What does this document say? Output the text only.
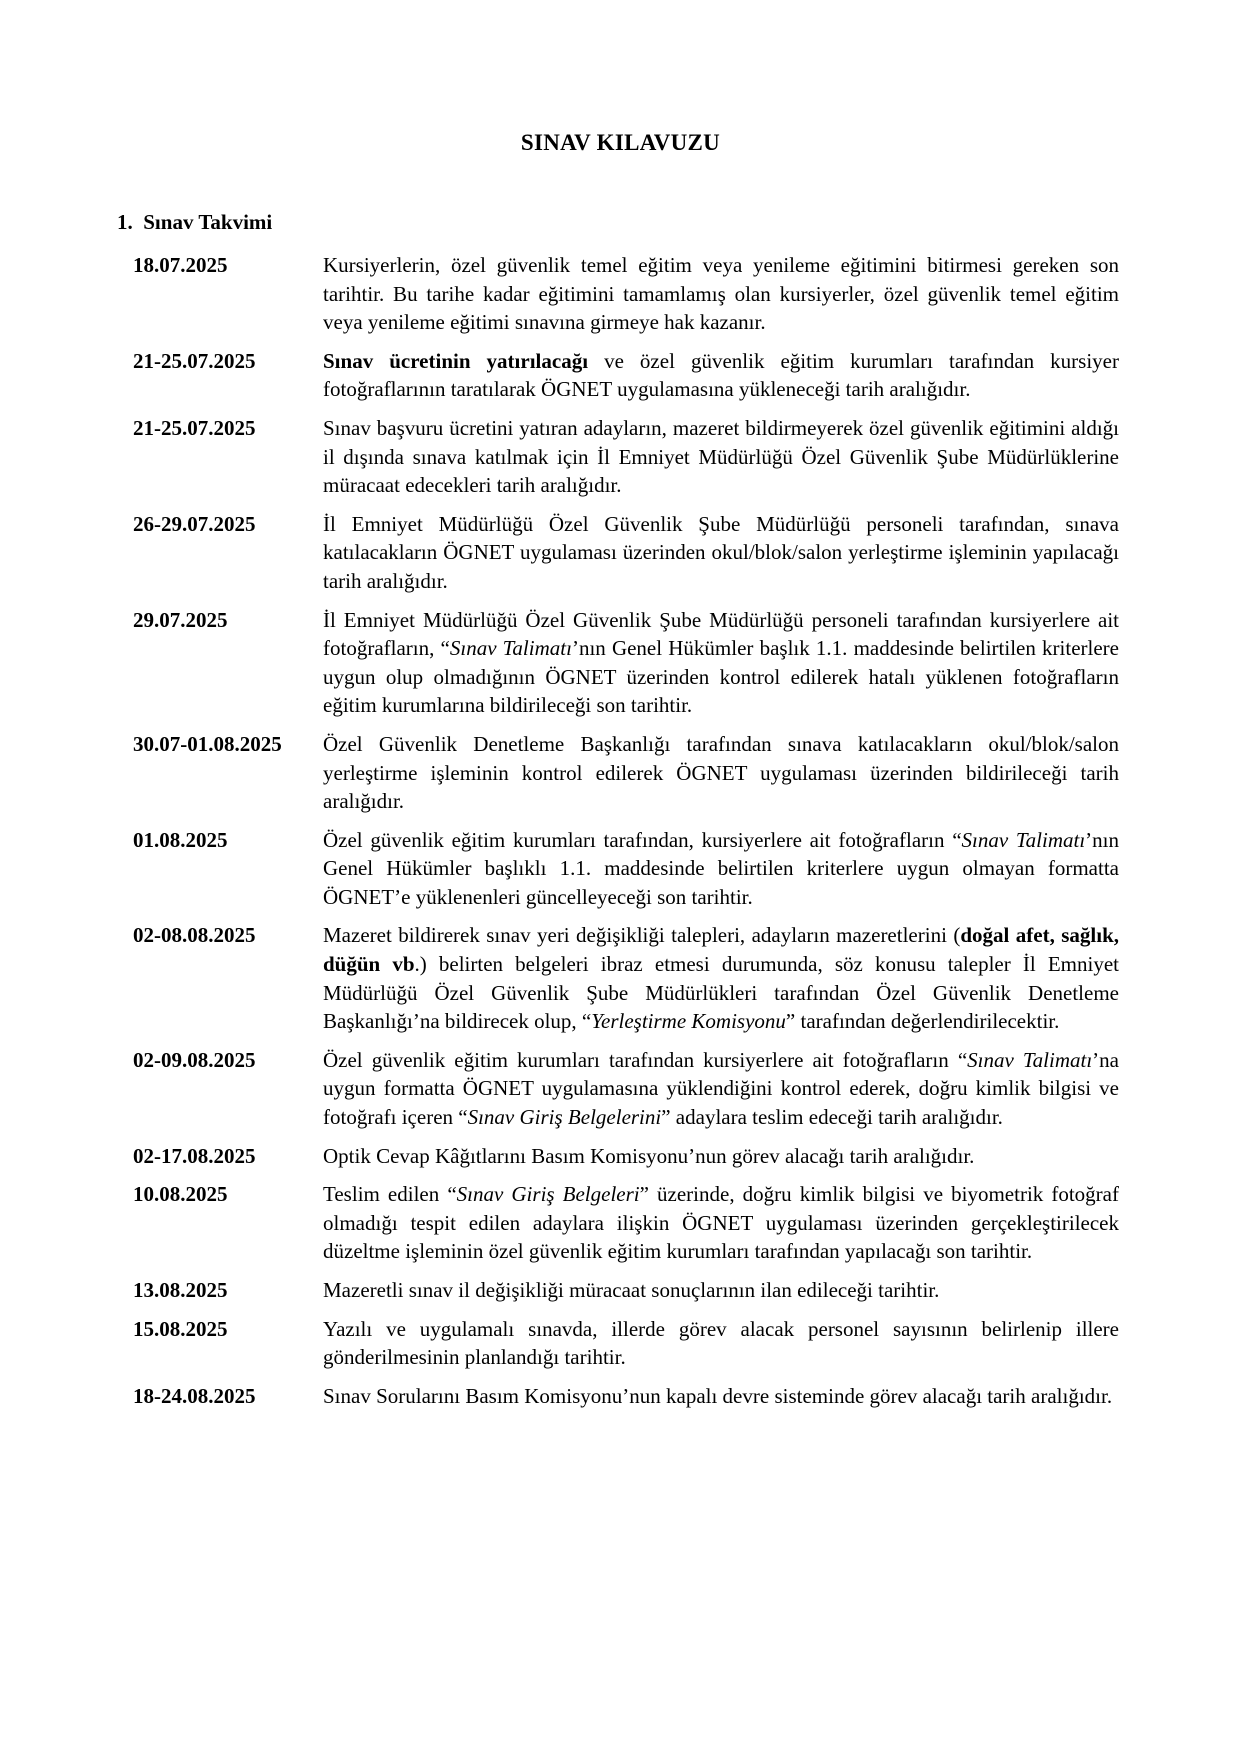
SINAV KILAVUZU
1. Sınav Takvimi
18.07.2025	Kursiyerlerin, özel güvenlik temel eğitim veya yenileme eğitimini bitirmesi gereken son tarihtir. Bu tarihe kadar eğitimini tamamlamış olan kursiyerler, özel güvenlik temel eğitim veya yenileme eğitimi sınavına girmeye hak kazanır.
21-25.07.2025	Sınav ücretinin yatırılacağı ve özel güvenlik eğitim kurumları tarafından kursiyer fotoğraflarının taratılarak ÖGNET uygulamasına yükleneceği tarih aralığıdır.
21-25.07.2025	Sınav başvuru ücretini yatıran adayların, mazeret bildirmeyerek özel güvenlik eğitimini aldığı il dışında sınava katılmak için İl Emniyet Müdürlüğü Özel Güvenlik Şube Müdürlüklerine müracaat edecekleri tarih aralığıdır.
26-29.07.2025	İl Emniyet Müdürlüğü Özel Güvenlik Şube Müdürlüğü personeli tarafından, sınava katılacakların ÖGNET uygulaması üzerinden okul/blok/salon yerleştirme işleminin yapılacağı tarih aralığıdır.
29.07.2025	İl Emniyet Müdürlüğü Özel Güvenlik Şube Müdürlüğü personeli tarafından kursiyerlere ait fotoğrafların, “Sınav Talimatı’nın Genel Hükümler başlık 1.1. maddesinde belirtilen kriterlere uygun olup olmadığının ÖGNET üzerinden kontrol edilerek hatalı yüklenen fotoğrafların eğitim kurumlarına bildirileceği son tarihtir.
30.07-01.08.2025	Özel Güvenlik Denetleme Başkanlığı tarafından sınava katılacakların okul/blok/salon yerleştirme işleminin kontrol edilerek ÖGNET uygulaması üzerinden bildirileceği tarih aralığıdır.
01.08.2025	Özel güvenlik eğitim kurumları tarafından, kursiyerlere ait fotoğrafların “Sınav Talimatı’nın Genel Hükümler başlıklı 1.1. maddesinde belirtilen kriterlere uygun olmayan formatta ÖGNET’e yüklenenleri güncelleyeceği son tarihtir.
02-08.08.2025	Mazeret bildirerek sınav yeri değişikliği talepleri, adayların mazeretlerini (doğal afet, sağlık, düğün vb.) belirten belgeleri ibraz etmesi durumunda, söz konusu talepler İl Emniyet Müdürlüğü Özel Güvenlik Şube Müdürlükleri tarafından Özel Güvenlik Denetleme Başkanlığı’na bildirecek olup, “Yerleştirme Komisyonu” tarafından değerlendirilecektir.
02-09.08.2025	Özel güvenlik eğitim kurumları tarafından kursiyerlere ait fotoğrafların “Sınav Talimatı’na uygun formatta ÖGNET uygulamasına yüklendiğini kontrol ederek, doğru kimlik bilgisi ve fotoğrafı içeren “Sınav Giriş Belgelerini” adaylara teslim edeceği tarih aralığıdır.
02-17.08.2025	Optik Cevap Kâğıtlarını Basım Komisyonu’nun görev alacağı tarih aralığıdır.
10.08.2025	Teslim edilen “Sınav Giriş Belgeleri” üzerinde, doğru kimlik bilgisi ve biyometrik fotoğraf olmadığı tespit edilen adaylara ilişkin ÖGNET uygulaması üzerinden gerçekleştirilecek düzeltme işleminin özel güvenlik eğitim kurumları tarafından yapılacağı son tarihtir.
13.08.2025	Mazeretli sınav il değişikliği müracaat sonuçlarının ilan edileceği tarihtir.
15.08.2025	Yazılı ve uygulamalı sınavda, illerde görev alacak personel sayısının belirlenip illere gönderilmesinin planlandığı tarihtir.
18-24.08.2025	Sınav Sorularını Basım Komisyonu’nun kapalı devre sisteminde görev alacağı tarih aralığıdır.
